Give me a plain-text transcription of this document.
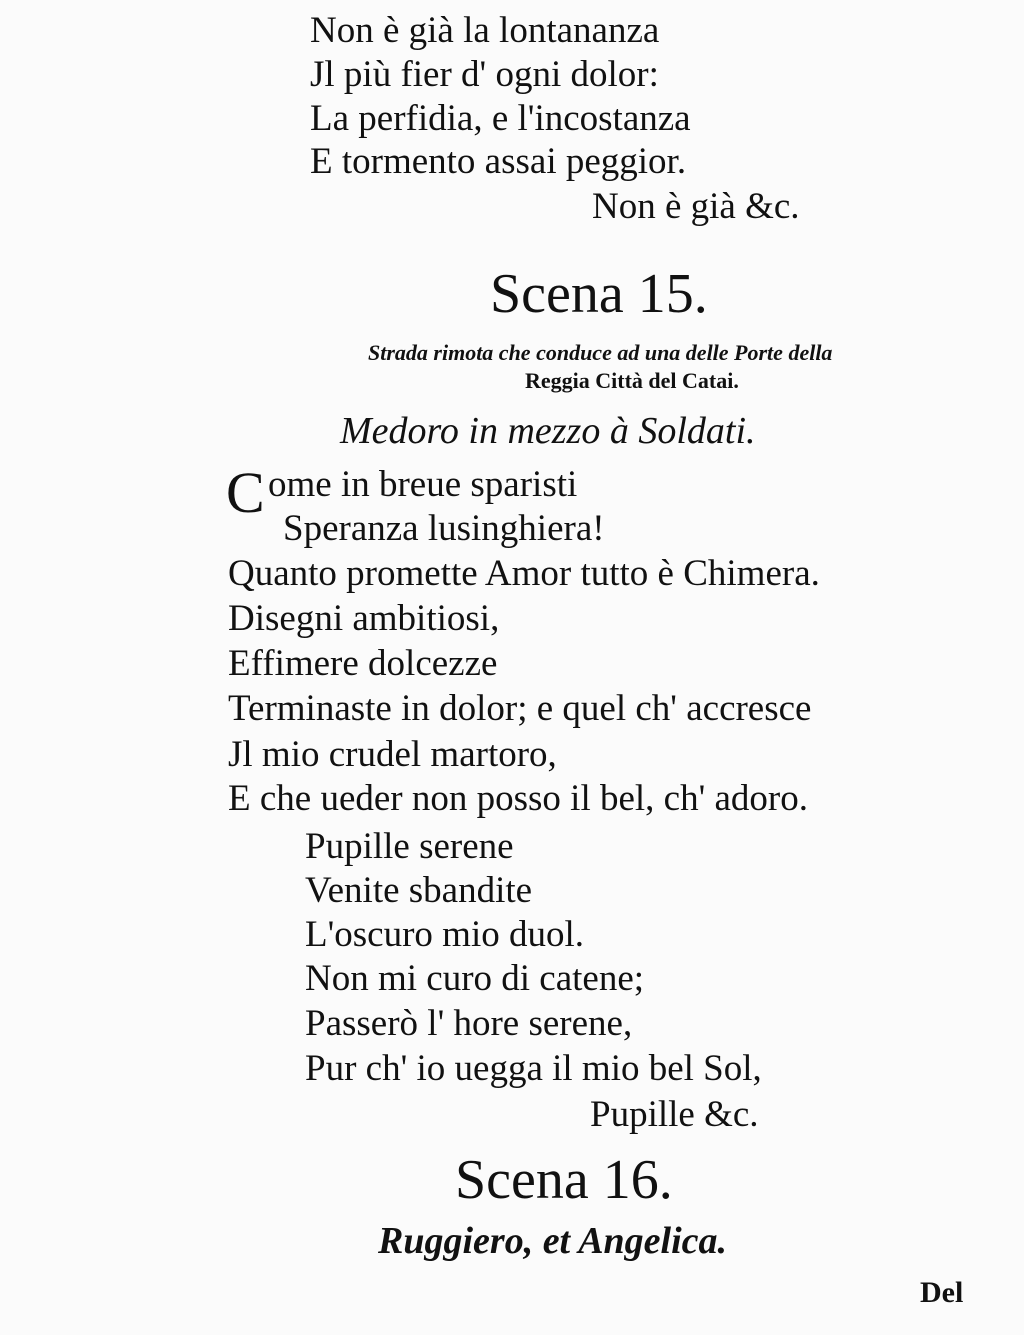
Non è già la lontananza
Jl più fier d' ogni dolor:
La perfidia, e l'incostanza
E tormento assai peggior.
Non è già &c.
Scena 15.
Strada rimota che conduce ad una delle Porte della
Reggia Città del Catai.
Medoro in mezzo à Soldati.
C ome in breue sparisti
Speranza lusinghiera!
Quanto promette Amor tutto è Chimera.
Disegni ambitiosi,
Effimere dolcezze
Terminaste in dolor; e quel ch' accresce
Jl mio crudel martoro,
E che ueder non posso il bel, ch' adoro.
Pupille serene
Venite sbandite
L'oscuro mio duol.
Non mi curo di catene;
Passerò l' hore serene,
Pur ch' io uegga il mio bel Sol,
Pupille &c.
Scena 16.
Ruggiero, et Angelica.
Del
